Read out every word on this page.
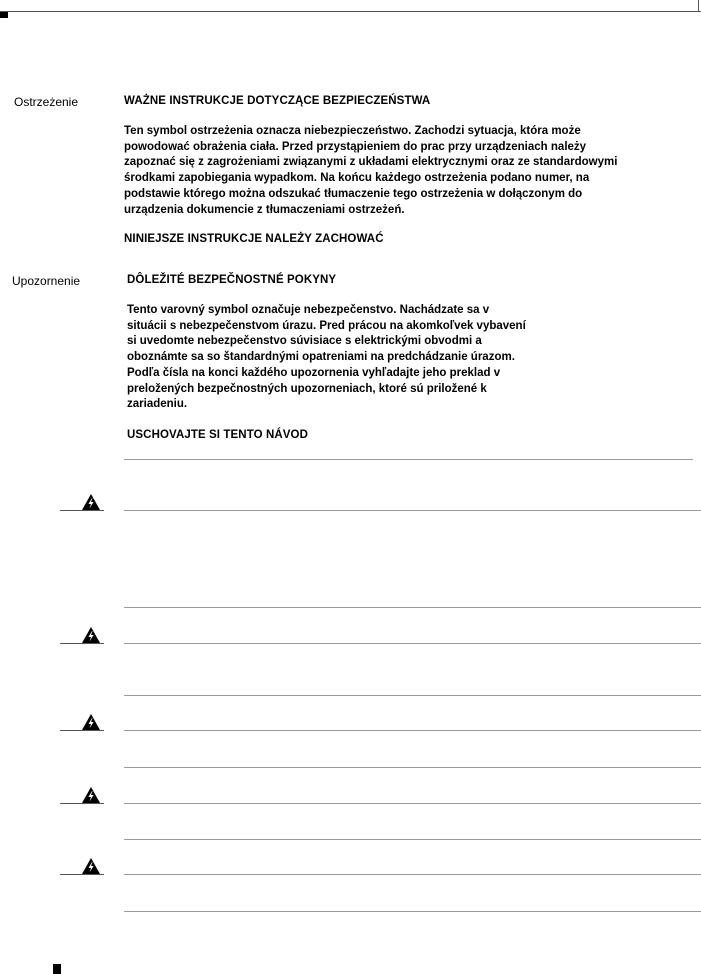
Ostrzeżenie	WAŻNE INSTRUKCJE DOTYCZĄCE BEZPIECZEŃSTWA
Ten symbol ostrzeżenia oznacza niebezpieczeństwo. Zachodzi sytuacja, która może
powodować obrażenia ciała. Przed przystąpieniem do prac przy urządzeniach należy
zapoznać się z zagrożeniami związanymi z układami elektrycznymi oraz ze standardowymi
środkami zapobiegania wypadkom. Na końcu każdego ostrzeżenia podano numer, na
podstawie którego można odszukać tłumaczenie tego ostrzeżenia w dołączonym do
urządzenia dokumencie z tłumaczeniami ostrzeżeń.
NINIEJSZE INSTRUKCJE NALEŻY ZACHOWAĆ
Upozornenie	DÔLEŽITÉ BEZPEČNOSTNÉ POKYNY
Tento varovný symbol označuje nebezpečenstvo. Nachádzate sa v
situácii s nebezpečenstvom úrazu. Pred prácou na akomkoľvek vybavení
si uvedomte nebezpečenstvo súvisiace s elektrickými obvodmi a
oboznámte sa so štandardnými opatreniami na predchádzanie úrazom.
Podľa čísla na konci každého upozornenia vyhľadajte jeho preklad v
preložených bezpečnostných upozorneniach, ktoré sú priložené k
zariadeniu.
USCHOVAJTE SI TENTO NÁVOD
